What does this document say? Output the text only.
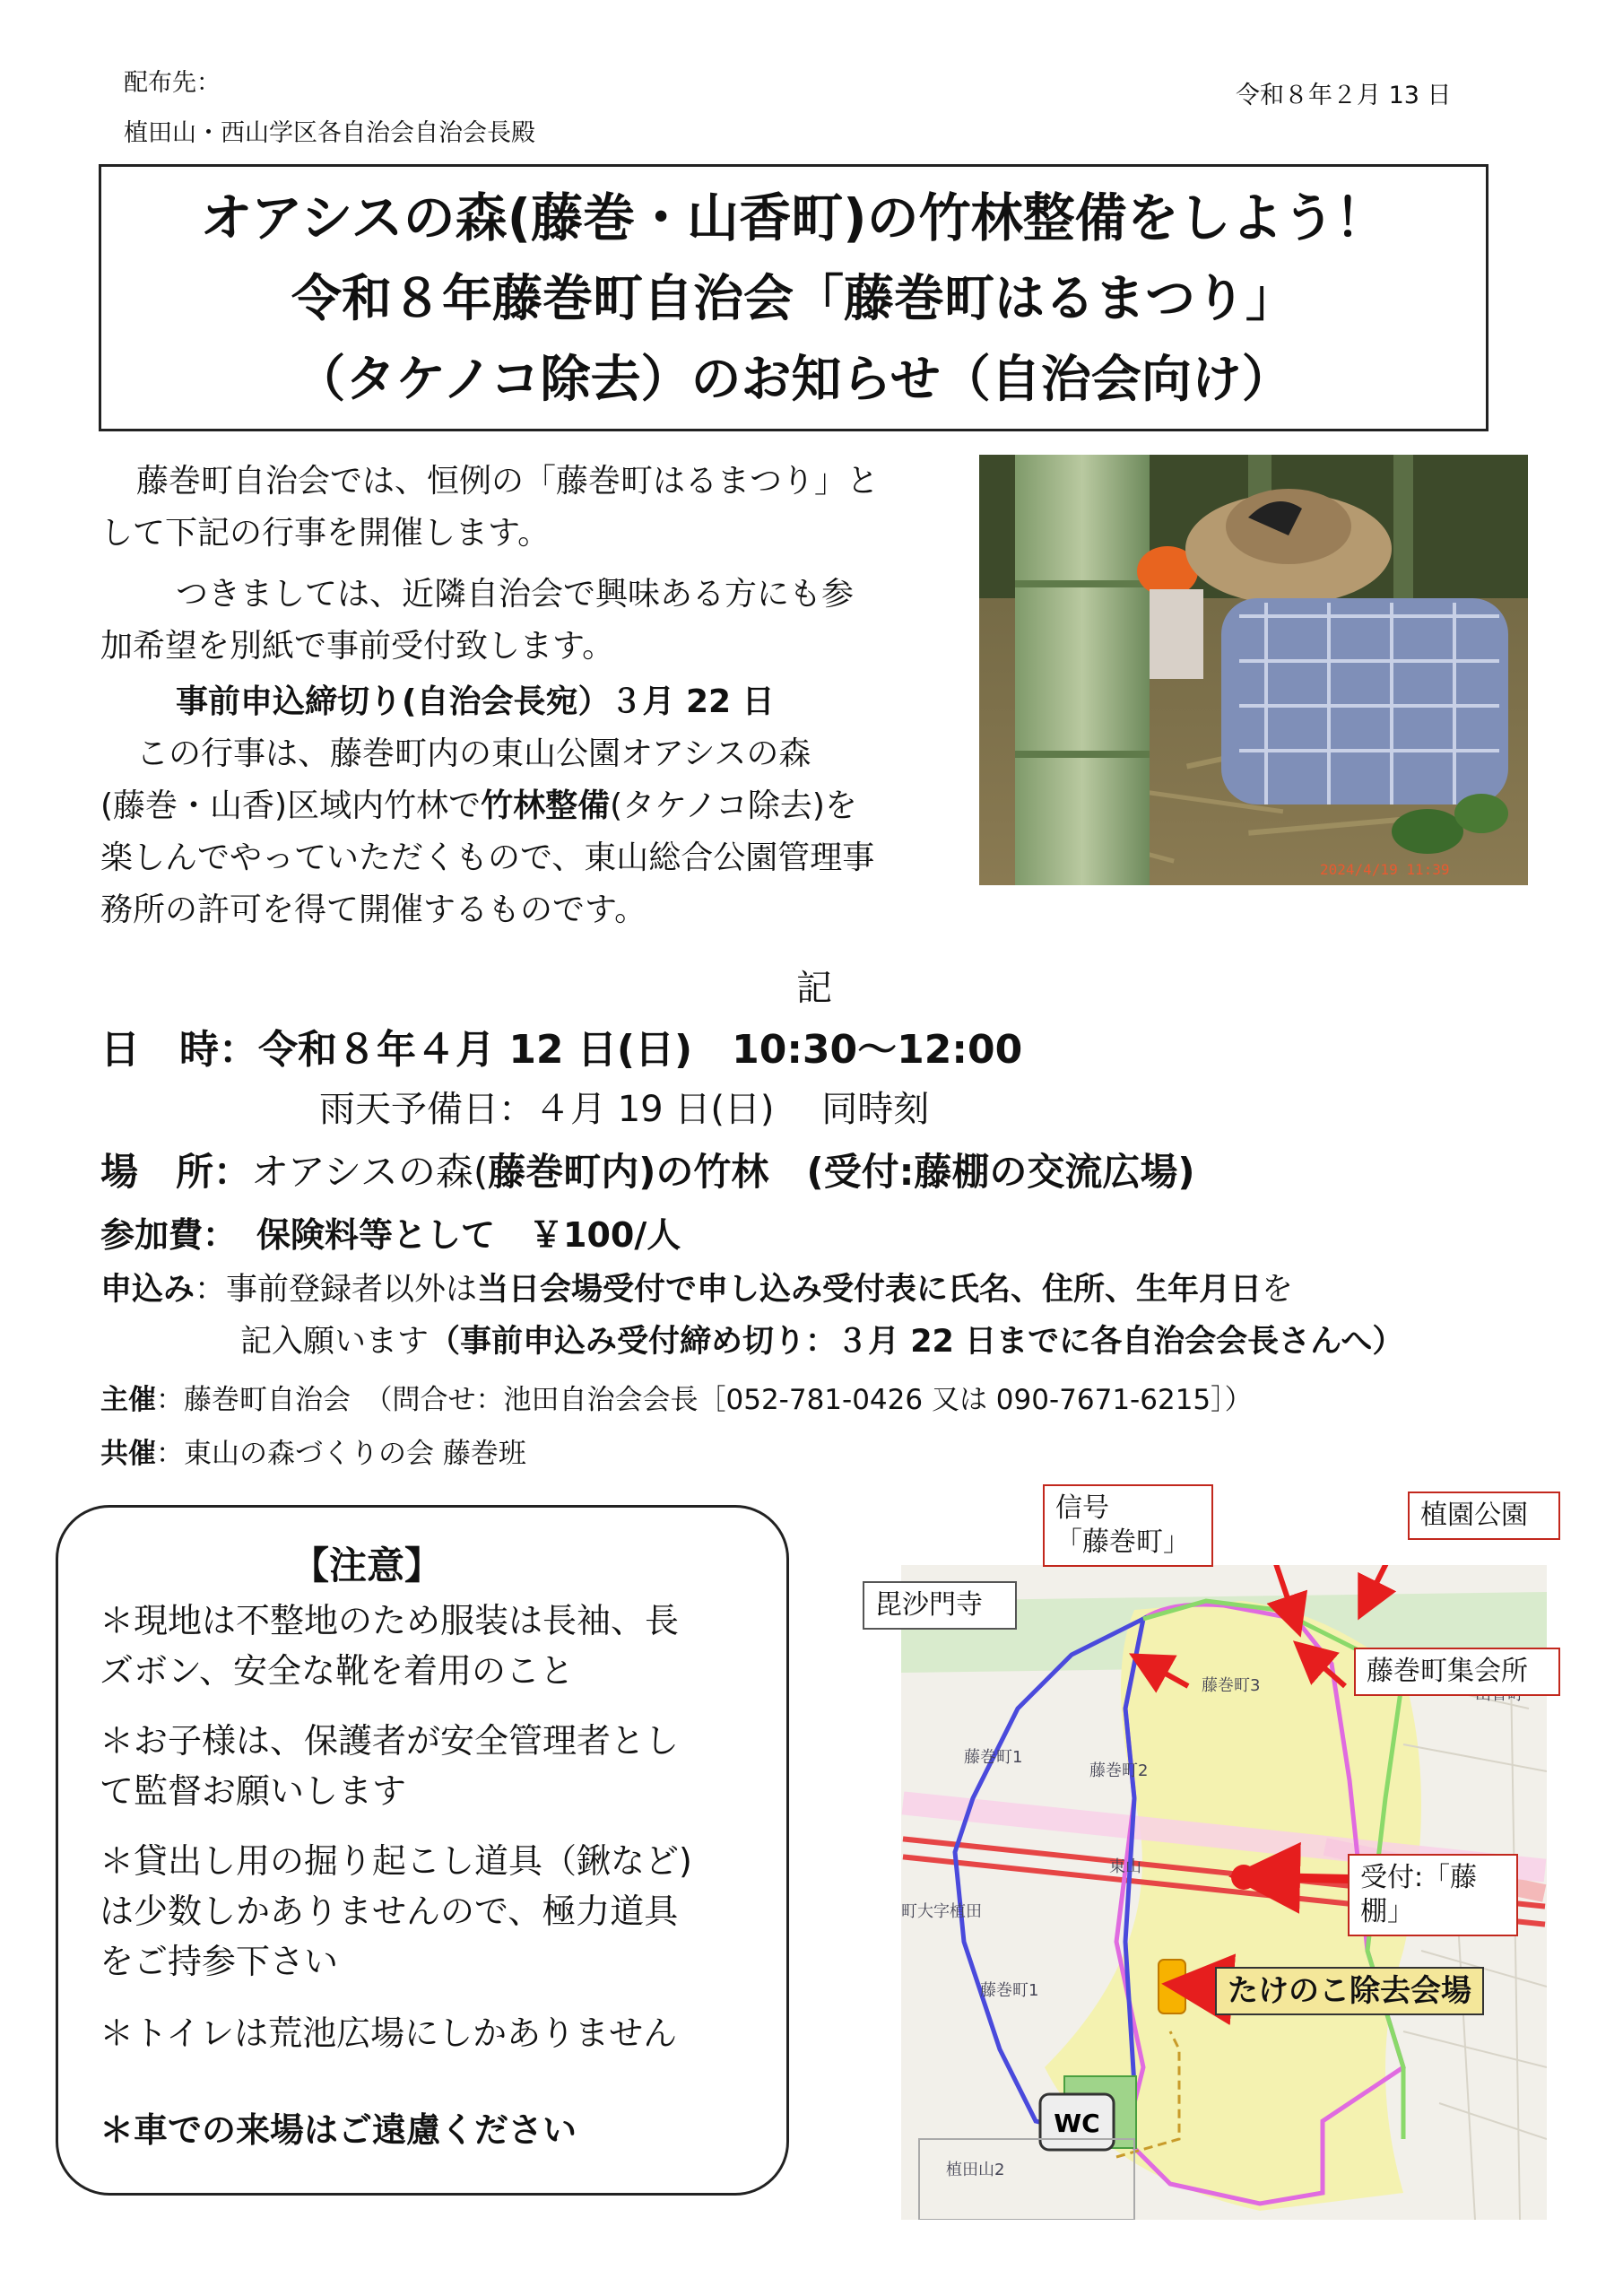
配布先：
植田山・西山学区各自治会自治会長殿
令和８年２月 13 日
オアシスの森(藤巻・山香町)の竹林整備をしよう！
令和８年藤巻町自治会「藤巻町はるまつり」
（タケノコ除去）のお知らせ（自治会向け）
藤巻町自治会では、恒例の「藤巻町はるまつり」と
して下記の行事を開催します。
つきましては、近隣自治会で興味ある方にも参
加希望を別紙で事前受付致します。
事前申込締切り(自治会長宛）３月 22 日
この行事は、藤巻町内の東山公園オアシスの森
(藤巻・山香)区域内竹林で竹林整備(タケノコ除去)を
楽しんでやっていただくもので、東山総合公園管理事
務所の許可を得て開催するものです。
2024/4/19 11:39
記
日　時：令和８年４月 12 日(日)　10:30～12:00
雨天予備日：４月 19 日(日)　 同時刻
場　所：オアシスの森(藤巻町内)の竹林　(受付:藤棚の交流広場)
参加費： 保険料等として　￥100/人
申込み：事前登録者以外は当日会場受付で申し込み受付表に氏名、住所、生年月日を
記入願います（事前申込み受付締め切り：３月 22 日までに各自治会会長さんへ）
主催：藤巻町自治会　（問合せ：池田自治会会長［052-781-0426 又は 090-7671-6215］）
共催：東山の森づくりの会 藤巻班
【注意】
＊現地は不整地のため服装は長袖、長
ズボン、安全な靴を着用のこと
＊お子様は、保護者が安全管理者とし
て監督お願いします
＊貸出し用の掘り起こし道具（鍬など)
は少数しかありませんので、極力道具
をご持参下さい
＊トイレは荒池広場にしかありません
＊車での来場はご遠慮ください	WC
藤巻町1
藤巻町2
藤巻町3
藤巻町1
町大字植田
植田山2
東山
信号
「藤巻町」
植園公園
毘沙門寺
藤巻町集会所
受付:「藤棚」
たけのこ除去会場
